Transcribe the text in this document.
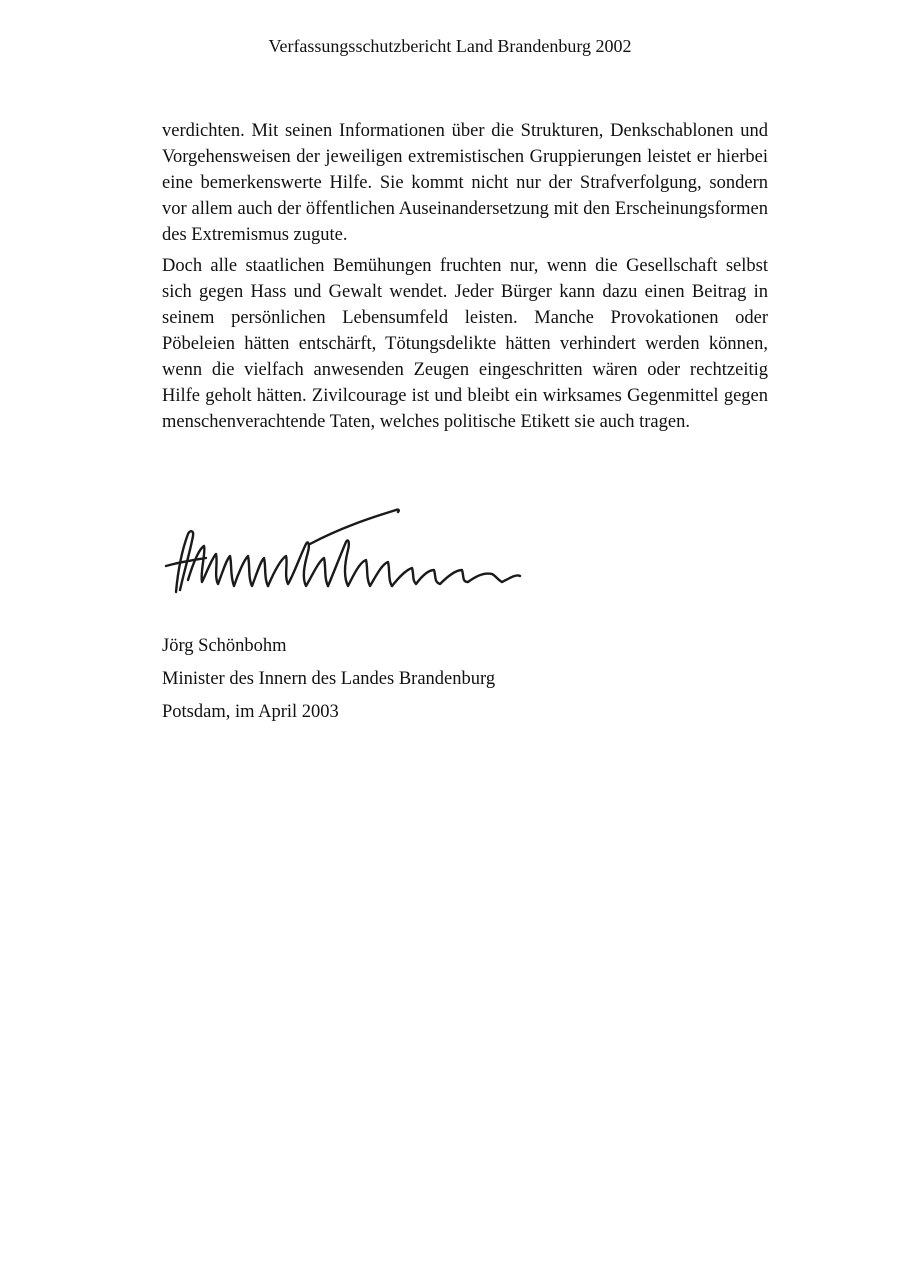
Verfassungsschutzbericht Land Brandenburg 2002

verdichten. Mit seinen Informationen über die Strukturen, Denkschablonen und Vorgehensweisen der jeweiligen extremistischen Gruppierungen leistet er hierbei eine bemerkenswerte Hilfe. Sie kommt nicht nur der Strafverfolgung, sondern vor allem auch der öffentlichen Auseinandersetzung mit den Erscheinungsformen des Extremismus zugute.

Doch alle staatlichen Bemühungen fruchten nur, wenn die Gesellschaft selbst sich gegen Hass und Gewalt wendet. Jeder Bürger kann dazu einen Beitrag in seinem persönlichen Lebensumfeld leisten. Manche Provokationen oder Pöbeleien hätten entschärft, Tötungsdelikte hätten verhindert werden können, wenn die vielfach anwesenden Zeugen eingeschritten wären oder rechtzeitig Hilfe geholt hätten. Zivilcourage ist und bleibt ein wirksames Gegenmittel gegen menschenverachtende Taten, welches politische Etikett sie auch tragen.

Jörg Schönbohm
Minister des Innern des Landes Brandenburg
Potsdam, im April 2003
